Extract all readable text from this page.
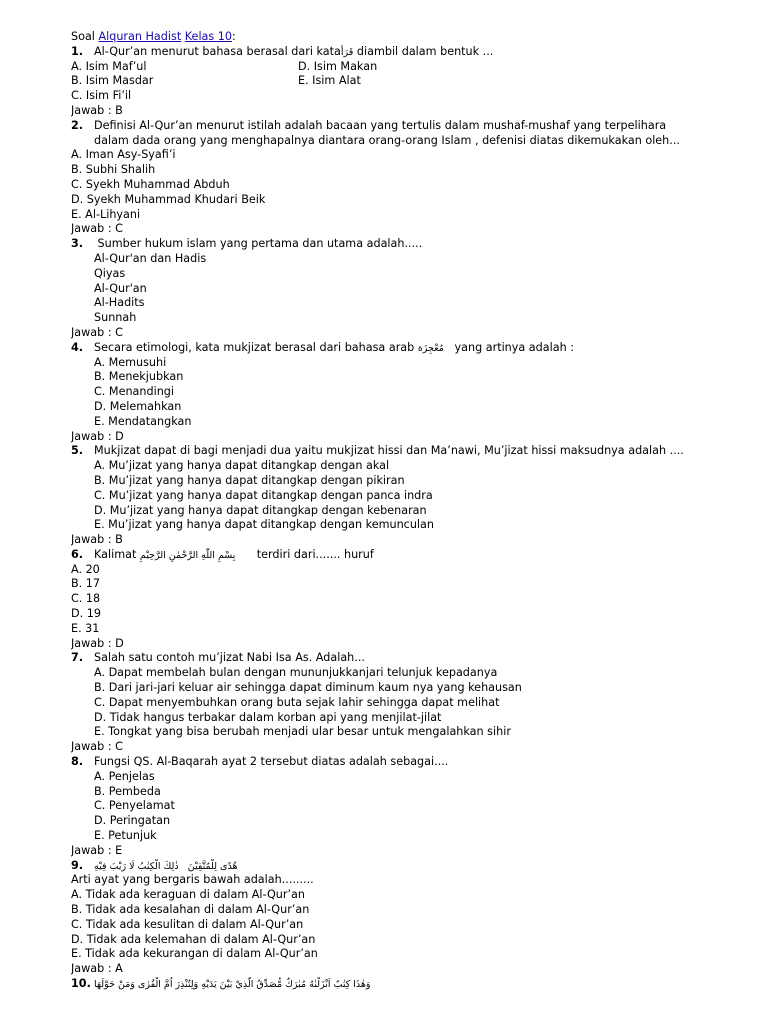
Soal Alquran Hadist Kelas 10:
1. Al-Qur’an menurut bahasa berasal dari kataقَرَأَ diambil dalam bentuk ...
A. Isim Maf’ul	D. Isim Makan
B. Isim Masdar	E. Isim Alat
C. Isim Fi’il
Jawab : B
2. Definisi Al-Qur’an menurut istilah adalah bacaan yang tertulis dalam mushaf-mushaf yang terpelihara
dalam dada orang yang menghapalnya diantara orang-orang Islam , defenisi diatas dikemukakan oleh...
A. Iman Asy-Syafi’i
B. Subhi Shalih
C. Syekh Muhammad Abduh
D. Syekh Muhammad Khudari Beik
E. Al-Lihyani
Jawab : C
3. Sumber hukum islam yang pertama dan utama adalah.....
Al-Qur'an dan Hadis
Qiyas
Al-Qur'an
Al-Hadits
Sunnah
Jawab : C
4. Secara etimologi, kata mukjizat berasal dari bahasa arab مُعْجِزَة   yang artinya adalah :
A. Memusuhi
B. Menekjubkan
C. Menandingi
D. Melemahkan
E. Mendatangkan
Jawab : D
5. Mukjizat dapat di bagi menjadi dua yaitu mukjizat hissi dan Ma’nawi, Mu’jizat hissi maksudnya adalah ....
A. Mu’jizat yang hanya dapat ditangkap dengan akal
B. Mu’jizat yang hanya dapat ditangkap dengan pikiran
C. Mu’jizat yang hanya dapat ditangkap dengan panca indra
D. Mu’jizat yang hanya dapat ditangkap dengan kebenaran
E. Mu’jizat yang hanya dapat ditangkap dengan kemunculan
Jawab : B
6. Kalimat بِسْمِ اللّٰهِ الرَّحْمٰنِ الرَّحِيْمِ      terdiri dari....... huruf
A. 20
B. 17
C. 18
D. 19
E. 31
Jawab : D
7. Salah satu contoh mu’jizat Nabi Isa As. Adalah...
A. Dapat membelah bulan dengan mununjukkanjari telunjuk kepadanya
B. Dari jari-jari keluar air sehingga dapat diminum kaum nya yang kehausan
C. Dapat menyembuhkan orang buta sejak lahir sehingga dapat melihat
D. Tidak hangus terbakar dalam korban api yang menjilat-jilat
E. Tongkat yang bisa berubah menjadi ular besar untuk mengalahkan sihir
Jawab : C
8. Fungsi QS. Al-Baqarah ayat 2 tersebut diatas adalah sebagai....
A. Penjelas
B. Pembeda
C. Penyelamat
D. Peringatan
E. Petunjuk
Jawab : E
9. هُدًى لِلْمُتَّقِيْنَ   ذٰلِكَ الْكِتٰبُ لَا رَيْبَ فِيْهِ
Arti ayat yang bergaris bawah adalah.........
A. Tidak ada keraguan di dalam Al-Qur’an
B. Tidak ada kesalahan di dalam Al-Qur’an
C. Tidak ada kesulitan di dalam Al-Qur’an
D. Tidak ada kelemahan di dalam Al-Qur’an
E. Tidak ada kekurangan di dalam Al-Qur’an
Jawab : A
10. وَهٰذَا كِتٰبٌ اَنْزَلْنٰهُ مُبٰرَكٌ مُّصَدِّقُ الَّذِيْ بَيْنَ يَدَيْهِ وَلِتُنْذِرَ اُمَّ الْقُرٰى وَمَنْ حَوْلَهَا
